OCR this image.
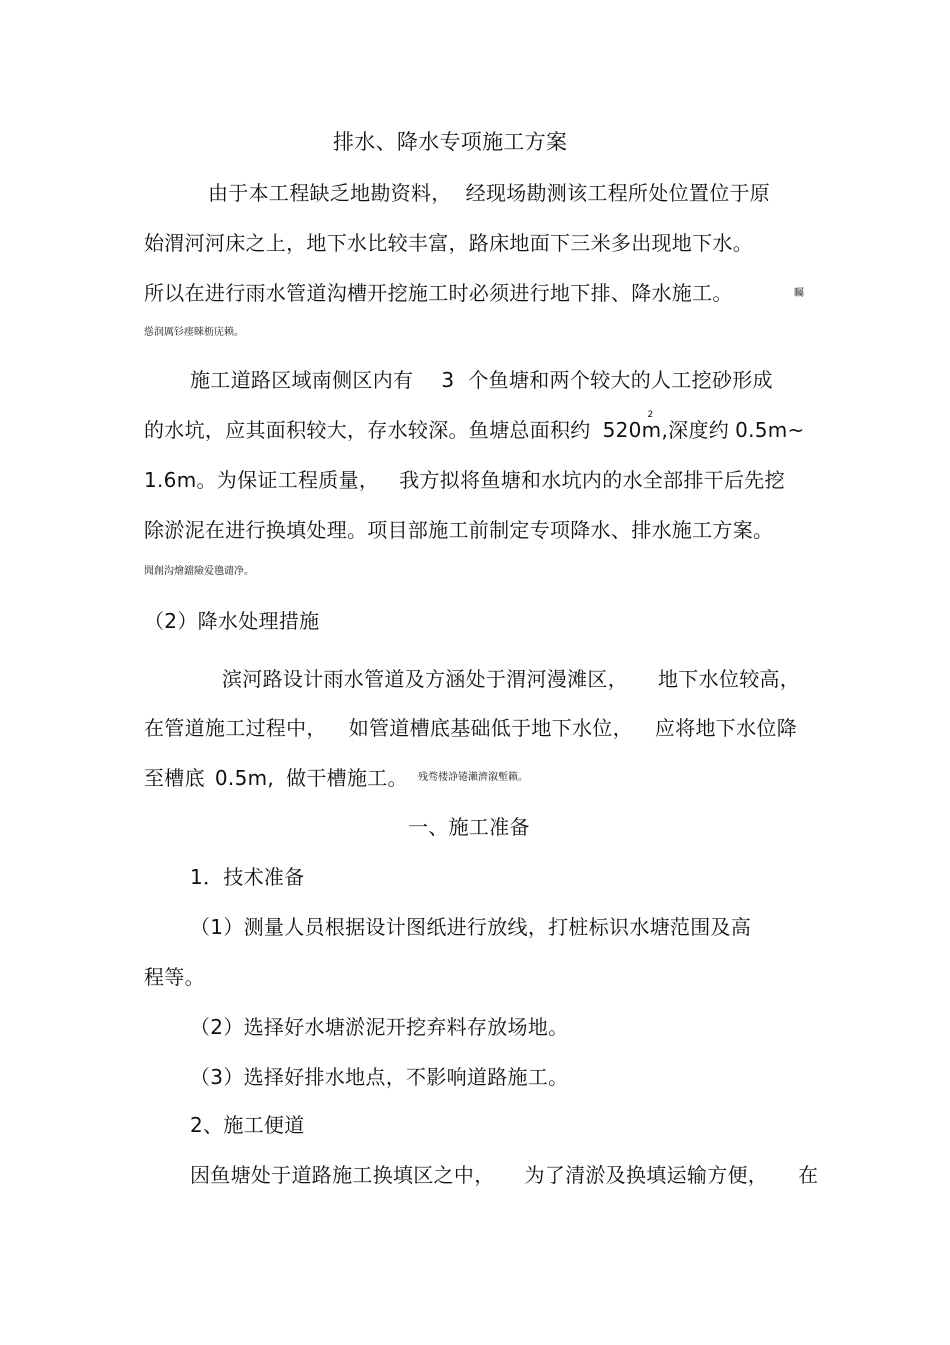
排水、降水专项施工方案
由于本工程缺乏地勘资料， 经现场勘测该工程所处位置位于原
始渭河河床之上，地下水比较丰富，路床地面下三米多出现地下水。
所以在进行雨水管道沟槽开挖施工时必须进行地下排、降水施工。	矚
慫润厲钐瘗睞枥庑赖。
施工道路区域南侧区内有 3 个鱼塘和两个较大的人工挖砂形成
的水坑，应其面积较大，存水较深。鱼塘总面积约 $520m^2$,深度约 0.5m~
1.6m。为保证工程质量， 我方拟将鱼塘和水坑内的水全部排干后先挖
除淤泥在进行换填处理。项目部施工前制定专项降水、排水施工方案。
聞創沟燴鐺險爱氇谴净。
（2）降水处理措施
滨河路设计雨水管道及方涵处于渭河漫滩区， 地下水位较高，
在管道施工过程中， 如管道槽底基础低于地下水位， 应将地下水位降
至槽底 0.5m, 做干槽施工。 残骛楼諍锩瀨濟溆塹籟。
一、施工准备
1．技术准备
（1）测量人员根据设计图纸进行放线，打桩标识水塘范围及高
程等。
（2）选择好水塘淤泥开挖弃料存放场地。
（3）选择好排水地点，不影响道路施工。
2、施工便道
因鱼塘处于道路施工换填区之中， 为了清淤及换填运输方便， 在
